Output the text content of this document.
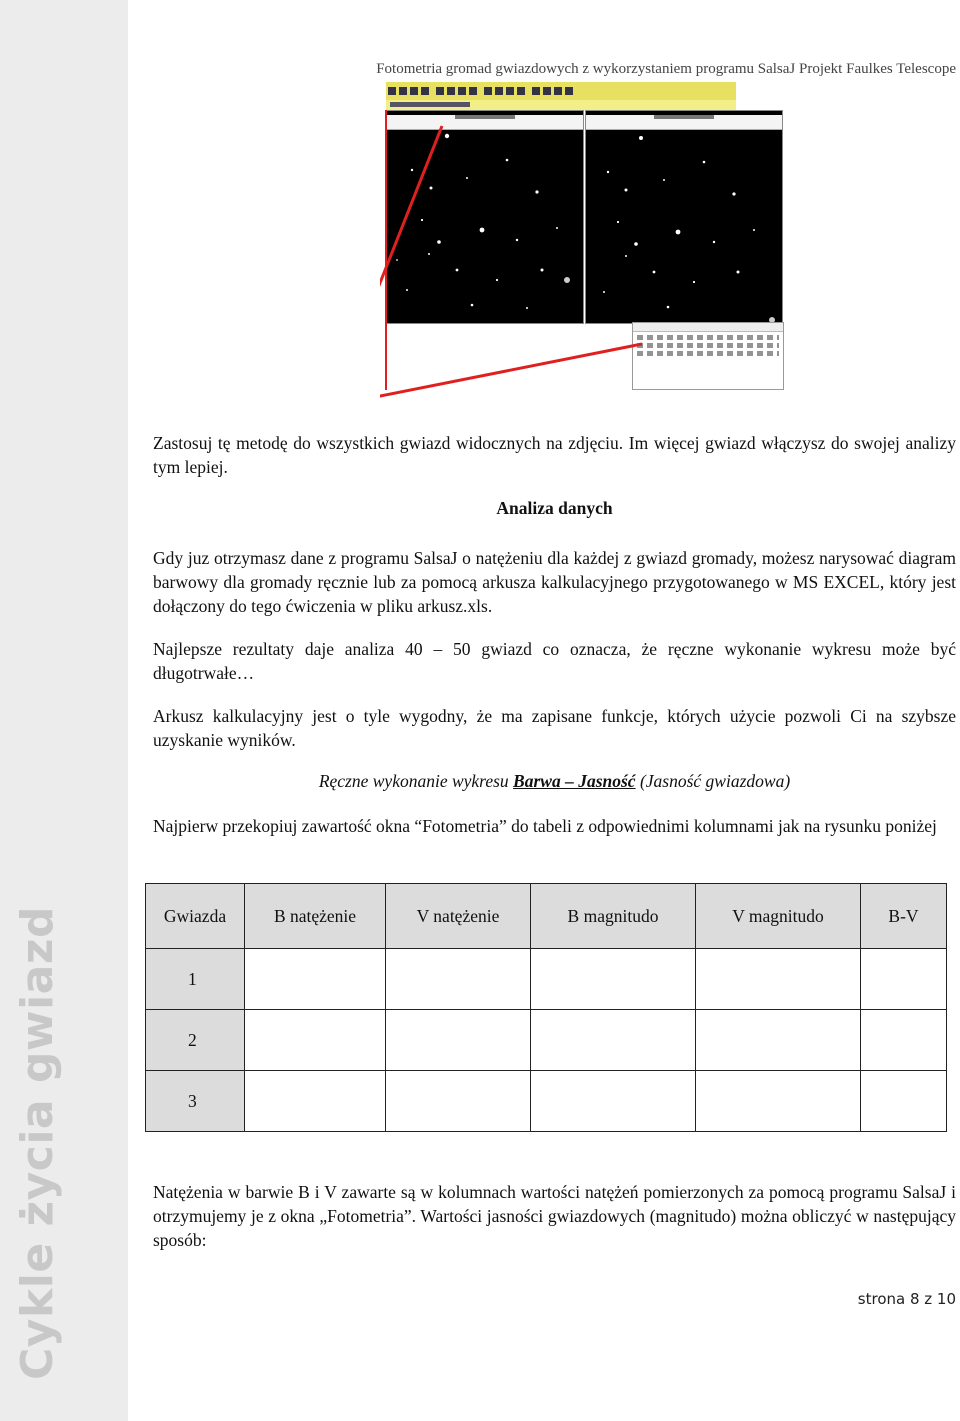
Cykle życia gwiazd
Fotometria gromad gwiazdowych z wykorzystaniem programu SalsaJ Projekt Faulkes Telescope

Zastosuj tę metodę do wszystkich gwiazd widocznych na zdjęciu. Im więcej gwiazd włączysz do swojej analizy tym lepiej.

Analiza danych

Gdy juz otrzymasz dane z programu SalsaJ o natężeniu dla każdej z gwiazd gromady, możesz narysować diagram barwowy dla gromady ręcznie lub za pomocą arkusza kalkulacyjnego przygotowanego w MS EXCEL, który jest dołączony do tego ćwiczenia w pliku arkusz.xls.

Najlepsze rezultaty daje analiza 40 – 50 gwiazd co oznacza, że ręczne wykonanie wykresu może być długotrwałe…

Arkusz kalkulacyjny jest o tyle wygodny, że ma zapisane funkcje, których użycie pozwoli Ci na szybsze uzyskanie wyników.

Ręczne wykonanie wykresu Barwa – Jasność (Jasność gwiazdowa)

Najpierw przekopiuj zawartość okna “Fotometria” do tabeli z odpowiednimi kolumnami jak na rysunku poniżej

Gwiazda	B natężenie	V natężenie	B magnitudo	V magnitudo	B-V
1					
2					
3					

Natężenia w barwie B i V zawarte są w kolumnach wartości natężeń pomierzonych za pomocą programu SalsaJ i otrzymujemy je z okna „Fotometria”. Wartości jasności gwiazdowych (magnitudo) można obliczyć w następujący sposób:

strona 8 z 10
